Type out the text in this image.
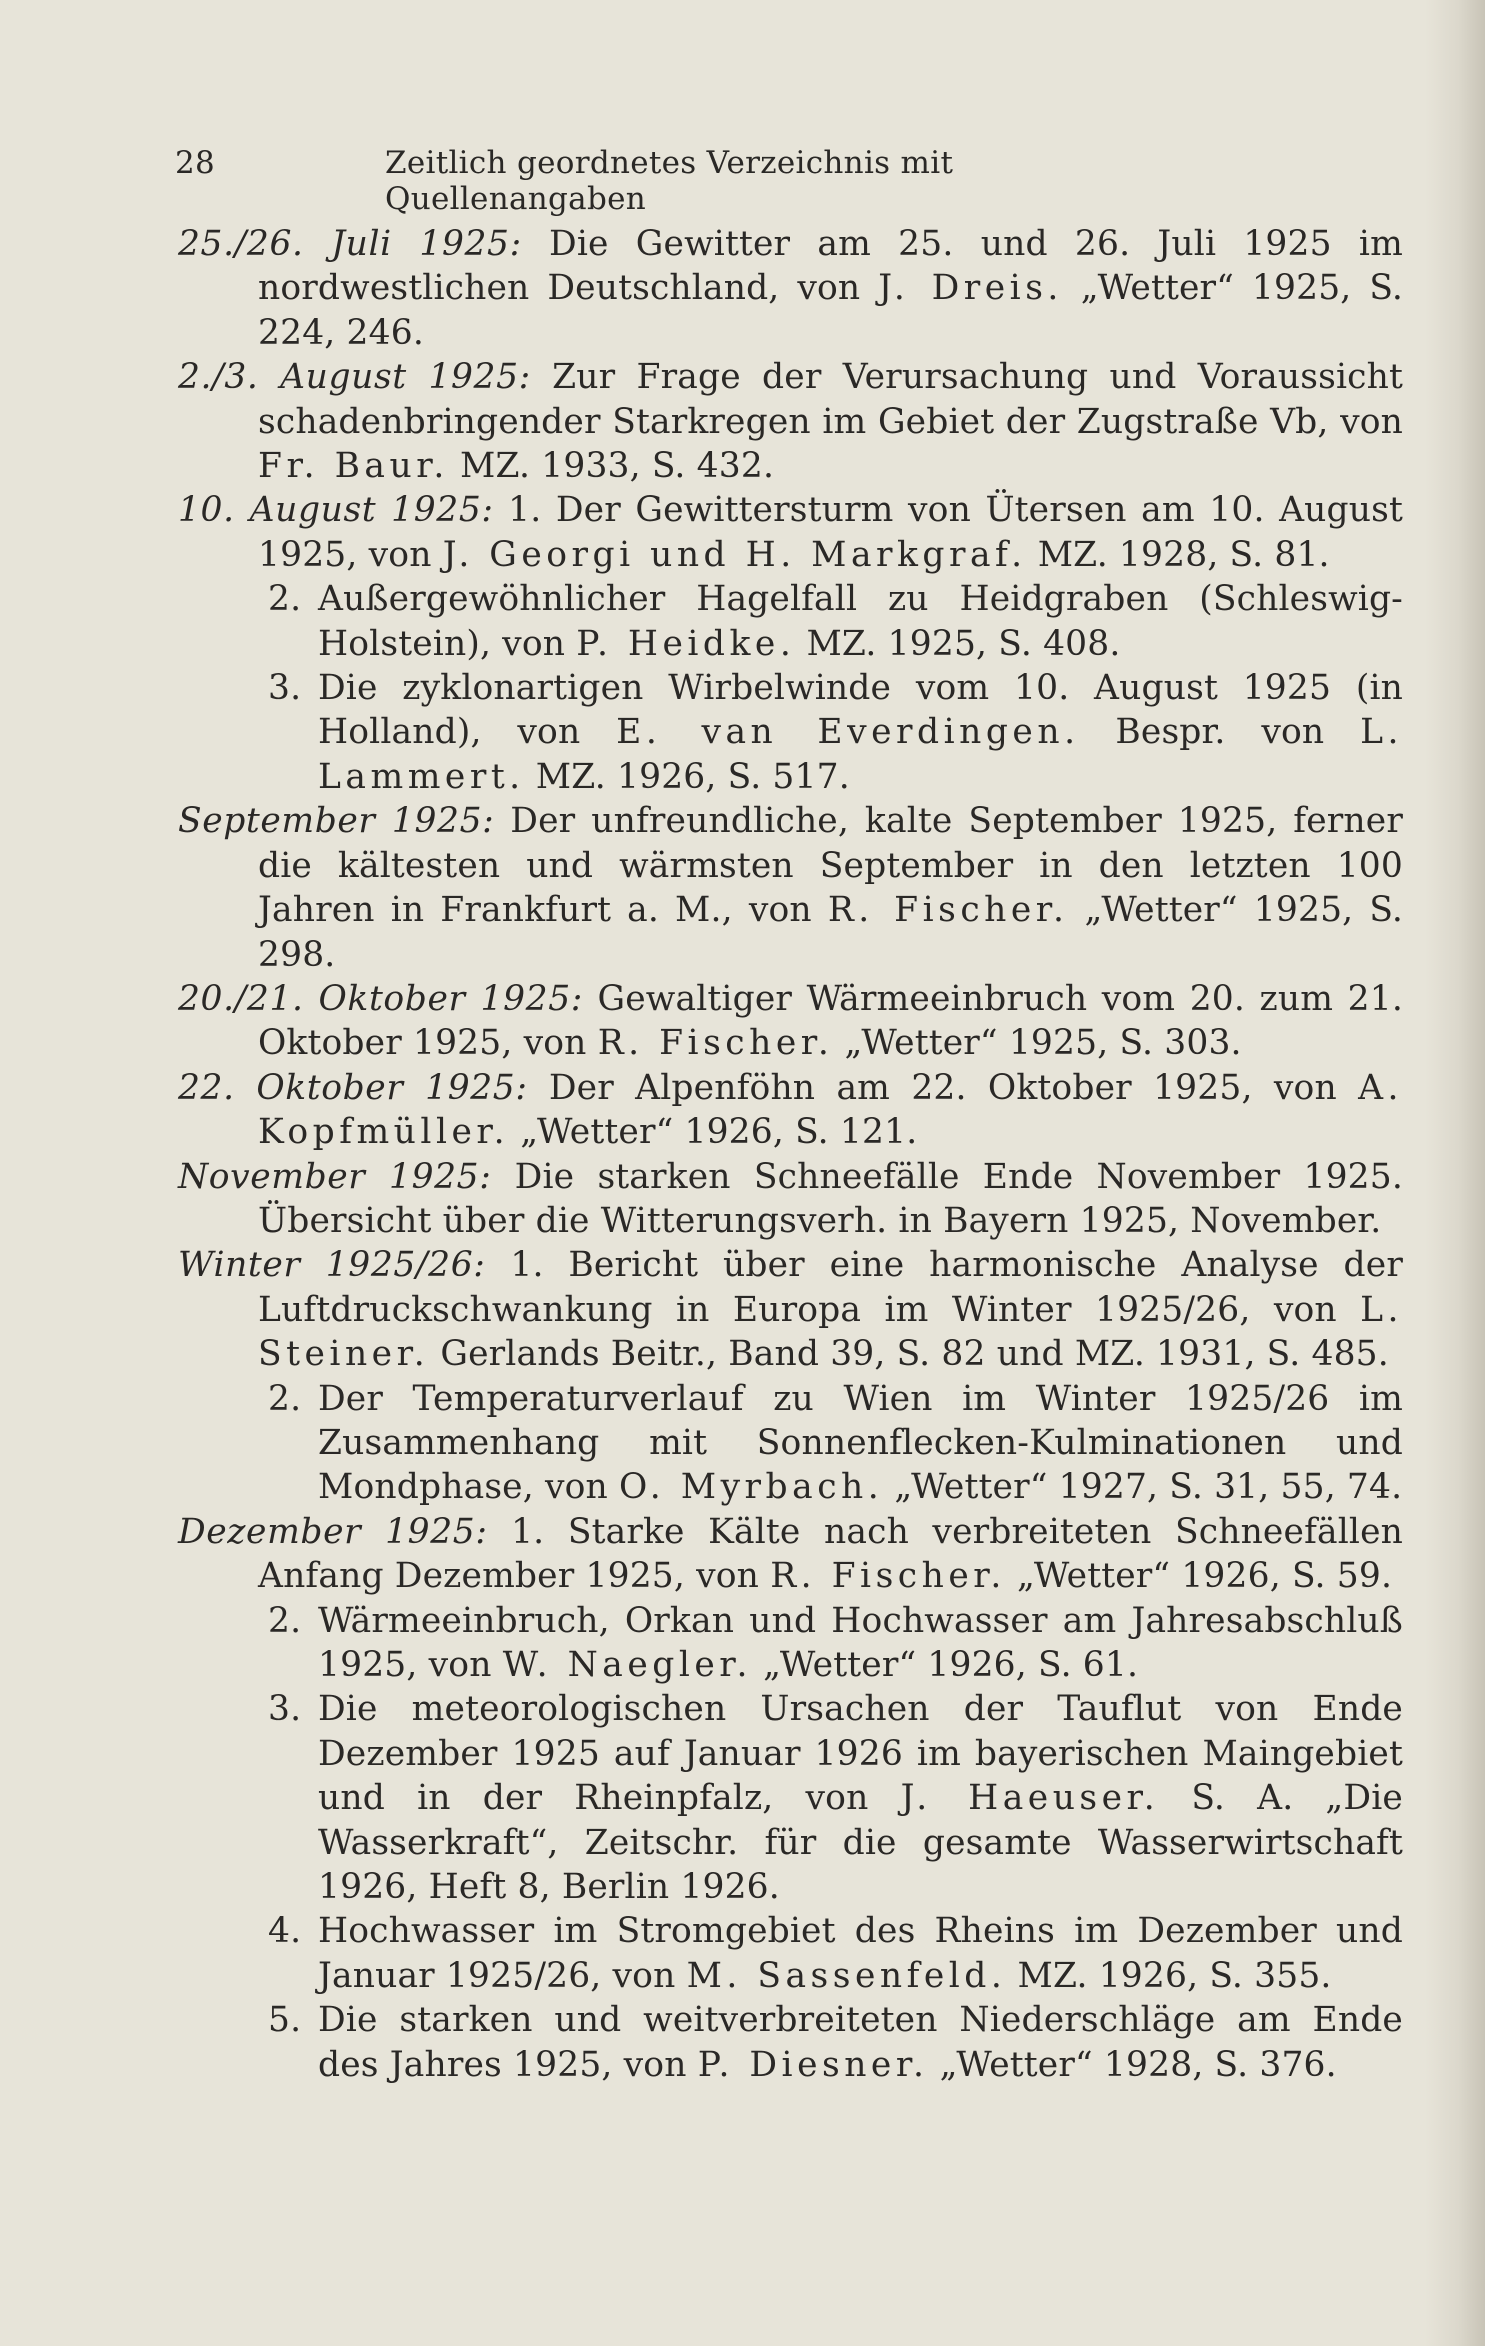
28	Zeitlich geordnetes Verzeichnis mit Quellenangaben
25./26. Juli 1925: Die Gewitter am 25. und 26. Juli 1925 im nordwestlichen Deutschland, von J. Dreis. „Wetter“ 1925, S. 224, 246.
2./3. August 1925: Zur Frage der Verursachung und Voraussicht schadenbringender Starkregen im Gebiet der Zugstraße Vb, von Fr. Baur. MZ. 1933, S. 432.
10. August 1925: 1. Der Gewittersturm von Ütersen am 10. August 1925, von J. Georgi und H. Markgraf. MZ. 1928, S. 81.
2. Außergewöhnlicher Hagelfall zu Heidgraben (Schleswig-Holstein), von P. Heidke. MZ. 1925, S. 408.
3. Die zyklonartigen Wirbelwinde vom 10. August 1925 (in Holland), von E. van Everdingen. Bespr. von L. Lammert. MZ. 1926, S. 517.
September 1925: Der unfreundliche, kalte September 1925, ferner die kältesten und wärmsten September in den letzten 100 Jahren in Frankfurt a. M., von R. Fischer. „Wetter“ 1925, S. 298.
20./21. Oktober 1925: Gewaltiger Wärmeeinbruch vom 20. zum 21. Oktober 1925, von R. Fischer. „Wetter“ 1925, S. 303.
22. Oktober 1925: Der Alpenföhn am 22. Oktober 1925, von A. Kopfmüller. „Wetter“ 1926, S. 121.
November 1925: Die starken Schneefälle Ende November 1925. Übersicht über die Witterungsverh. in Bayern 1925, November.
Winter 1925/26: 1. Bericht über eine harmonische Analyse der Luftdruckschwankung in Europa im Winter 1925/26, von L. Steiner. Gerlands Beitr., Band 39, S. 82 und MZ. 1931, S. 485.
2. Der Temperaturverlauf zu Wien im Winter 1925/26 im Zusammenhang mit Sonnenflecken-Kulminationen und Mondphase, von O. Myrbach. „Wetter“ 1927, S. 31, 55, 74.
Dezember 1925: 1. Starke Kälte nach verbreiteten Schneefällen Anfang Dezember 1925, von R. Fischer. „Wetter“ 1926, S. 59.
2. Wärmeeinbruch, Orkan und Hochwasser am Jahresabschluß 1925, von W. Naegler. „Wetter“ 1926, S. 61.
3. Die meteorologischen Ursachen der Tauflut von Ende Dezember 1925 auf Januar 1926 im bayerischen Maingebiet und in der Rheinpfalz, von J. Haeuser. S. A. „Die Wasserkraft“, Zeitschr. für die gesamte Wasserwirtschaft 1926, Heft 8, Berlin 1926.
4. Hochwasser im Stromgebiet des Rheins im Dezember und Januar 1925/26, von M. Sassenfeld. MZ. 1926, S. 355.
5. Die starken und weitverbreiteten Niederschläge am Ende des Jahres 1925, von P. Diesner. „Wetter“ 1928, S. 376.
